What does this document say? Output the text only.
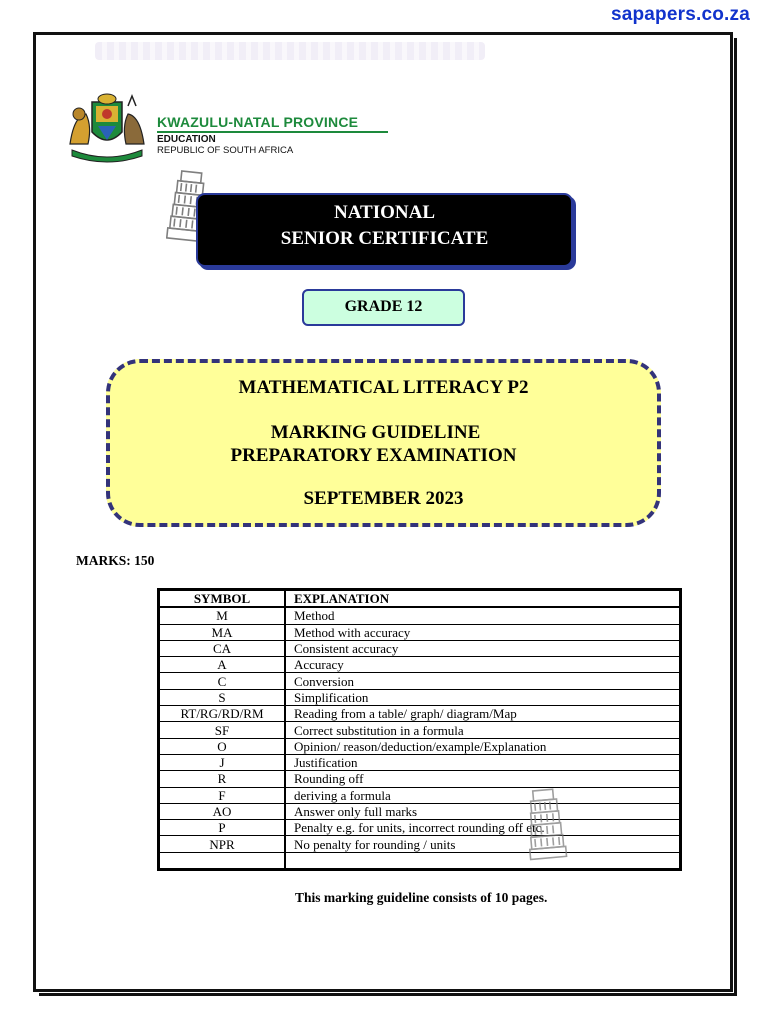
sapapers.co.za
KWAZULU-NATAL PROVINCE
EDUCATION
REPUBLIC OF SOUTH AFRICA
NATIONAL
SENIOR CERTIFICATE
GRADE 12
MATHEMATICAL LITERACY P2
MARKING GUIDELINE
PREPARATORY EXAMINATION
SEPTEMBER 2023
MARKS: 150
SYMBOL	EXPLANATION
M	Method
MA	Method with accuracy
CA	Consistent accuracy
A	Accuracy
C	Conversion
S	Simplification
RT/RG/RD/RM	Reading from a table/ graph/ diagram/Map
SF	Correct substitution in a formula
O	Opinion/ reason/deduction/example/Explanation
J	Justification
R	Rounding off
F	deriving a formula
AO	Answer only full marks
P	Penalty e.g. for units, incorrect rounding off etc.
NPR	No penalty for rounding / units

This marking guideline consists of 10 pages.
